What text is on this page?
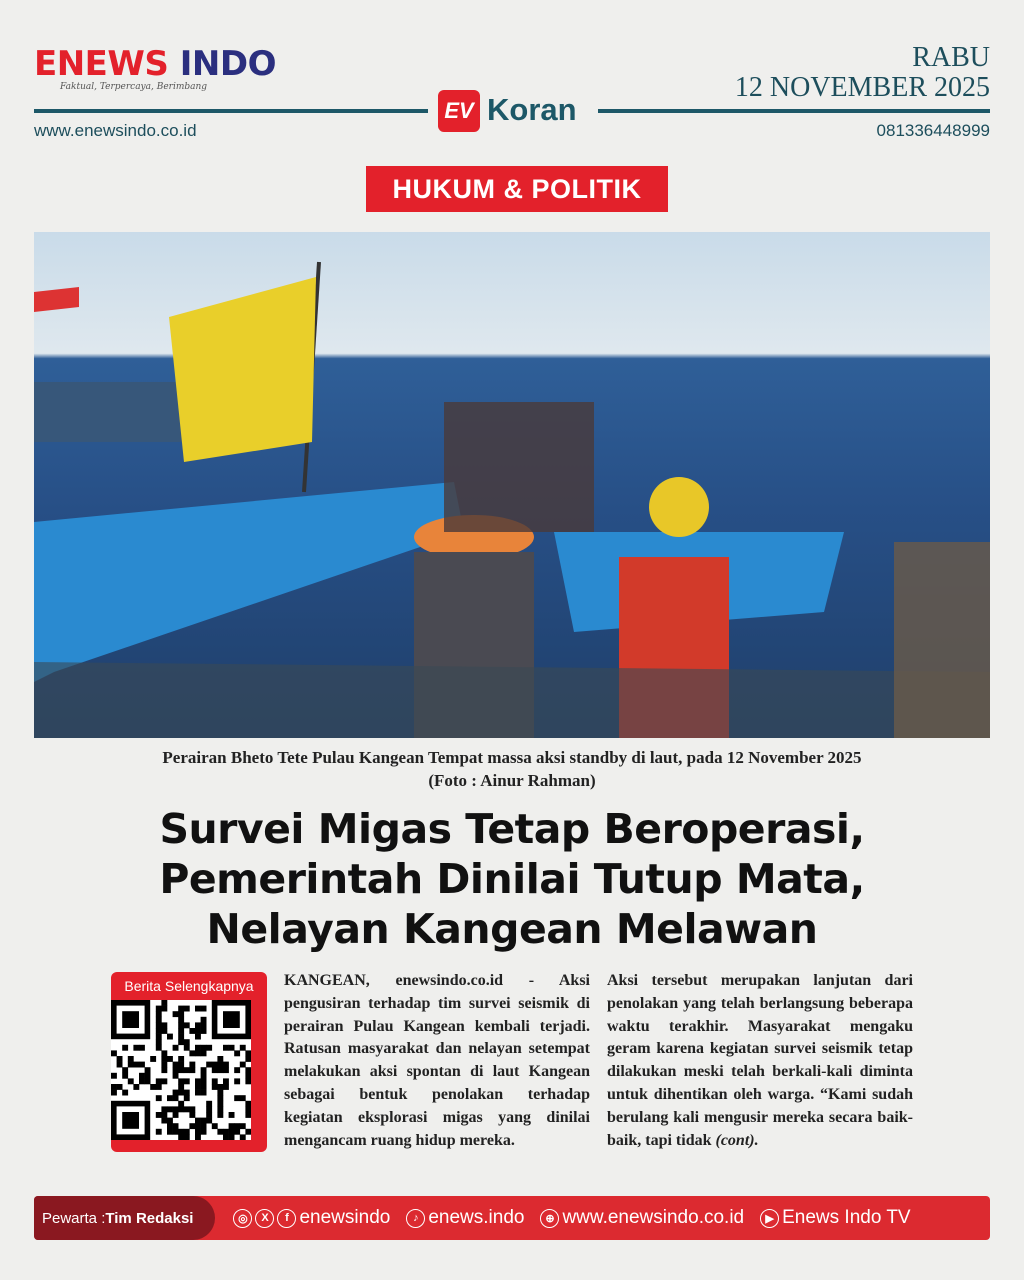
ENEWS INDO
Faktual, Terpercaya, Berimbang
RABU
12 NOVEMBER 2025
EV Koran
www.enewsindo.co.id	081336448999
HUKUM & POLITIK
Perairan Bheto Tete Pulau Kangean Tempat massa aksi standby di laut, pada 12 November 2025
(Foto : Ainur Rahman)
Survei Migas Tetap Beroperasi,
Pemerintah Dinilai Tutup Mata,
Nelayan Kangean Melawan
Berita Selengkapnya	KANGEAN, enewsindo.co.id - Aksi pengusiran terhadap tim survei seismik di perairan Pulau Kangean kembali terjadi. Ratusan masyarakat dan nelayan setempat melakukan aksi spontan di laut Kangean sebagai bentuk penolakan terhadap kegiatan eksplorasi migas yang dinilai mengancam ruang hidup mereka.
Aksi tersebut merupakan lanjutan dari penolakan yang telah berlangsung beberapa waktu terakhir. Masyarakat mengaku geram karena kegiatan survei seismik tetap dilakukan meski telah berkali-kali diminta untuk dihentikan oleh warga. “Kami sudah berulang kali mengusir mereka secara baik-baik, tapi tidak (cont).
Pewarta : Tim Redaksi	◎	X	f enewsindo	♪ enews.indo	⊕ www.enewsindo.co.id	▶ Enews Indo TV
